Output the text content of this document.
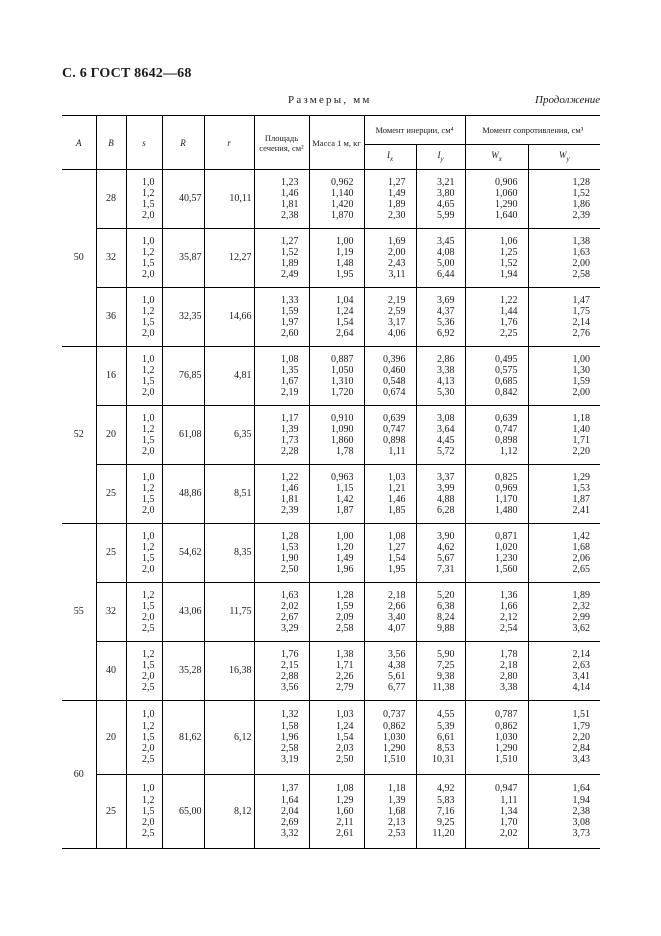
С. 6 ГОСТ 8642—68
Размеры, мм	Продолжение
A	B	s	R	r	Площадь сечения, см²	Масса 1 м, кг	Момент инерции, см⁴		Момент сопротивления, см³	
							$I_x$	$I_y$	$W_x$	$W_y$
50	28	1,0
1,2
1,5
2,0	40,57	10,11	1,23
1,46
1,81
2,38	0,962
1,140
1,420
1,870	1,27
1,49
1,89
2,30	3,21
3,80
4,65
5,99	0,906
1,060
1,290
1,640	1,28
1,52
1,86
2,39
	32	1,0
1,2
1,5
2,0	35,87	12,27	1,27
1,52
1,89
2,49	1,00
1,19
1,48
1,95	1,69
2,00
2,43
3,11	3,45
4,08
5,00
6,44	1,06
1,25
1,52
1,94	1,38
1,63
2,00
2,58
	36	1,0
1,2
1,5
2,0	32,35	14,66	1,33
1,59
1,97
2,60	1,04
1,24
1,54
2,64	2,19
2,59
3,17
4,06	3,69
4,37
5,36
6,92	1,22
1,44
1,76
2,25	1,47
1,75
2,14
2,76
52	16	1,0
1,2
1,5
2,0	76,85	4,81	1,08
1,35
1,67
2,19	0,887
1,050
1,310
1,720	0,396
0,460
0,548
0,674	2,86
3,38
4,13
5,30	0,495
0,575
0,685
0,842	1,00
1,30
1,59
2,00
	20	1,0
1,2
1,5
2,0	61,08	6,35	1,17
1,39
1,73
2,28	0,910
1,090
1,860
1,78	0,639
0,747
0,898
1,11	3,08
3,64
4,45
5,72	0,639
0,747
0,898
1,12	1,18
1,40
1,71
2,20
	25	1,0
1,2
1,5
2,0	48,86	8,51	1,22
1,46
1,81
2,39	0,963
1,15
1,42
1,87	1,03
1,21
1,46
1,85	3,37
3,99
4,88
6,28	0,825
0,969
1,170
1,480	1,29
1,53
1,87
2,41
55	25	1,0
1,2
1,5
2,0	54,62	8,35	1,28
1,53
1,90
2,50	1,00
1,20
1,49
1,96	1,08
1,27
1,54
1,95	3,90
4,62
5,67
7,31	0,871
1,020
1,230
1,560	1,42
1,68
2,06
2,65
	32	1,2
1,5
2,0
2,5	43,06	11,75	1,63
2,02
2,67
3,29	1,28
1,59
2,09
2,58	2,18
2,66
3,40
4,07	5,20
6,38
8,24
9,88	1,36
1,66
2,12
2,54	1,89
2,32
2,99
3,62
	40	1,2
1,5
2,0
2,5	35,28	16,38	1,76
2,15
2,88
3,56	1,38
1,71
2,26
2,79	3,56
4,38
5,61
6,77	5,90
7,25
9,38
11,38	1,78
2,18
2,80
3,38	2,14
2,63
3,41
4,14
60	20	1,0
1,2
1,5
2,0
2,5	81,62	6,12	1,32
1,58
1,96
2,58
3,19	1,03
1,24
1,54
2,03
2,50	0,737
0,862
1,030
1,290
1,510	4,55
5,39
6,61
8,53
10,31	0,787
0,862
1,030
1,290
1,510	1,51
1,79
2,20
2,84
3,43
	25	1,0
1,2
1,5
2,0
2,5	65,00	8,12	1,37
1,64
2,04
2,69
3,32	1,08
1,29
1,60
2,11
2,61	1,18
1,39
1,68
2,13
2,53	4,92
5,83
7,16
9,25
11,20	0,947
1,11
1,34
1,70
2,02	1,64
1,94
2,38
3,08
3,73
